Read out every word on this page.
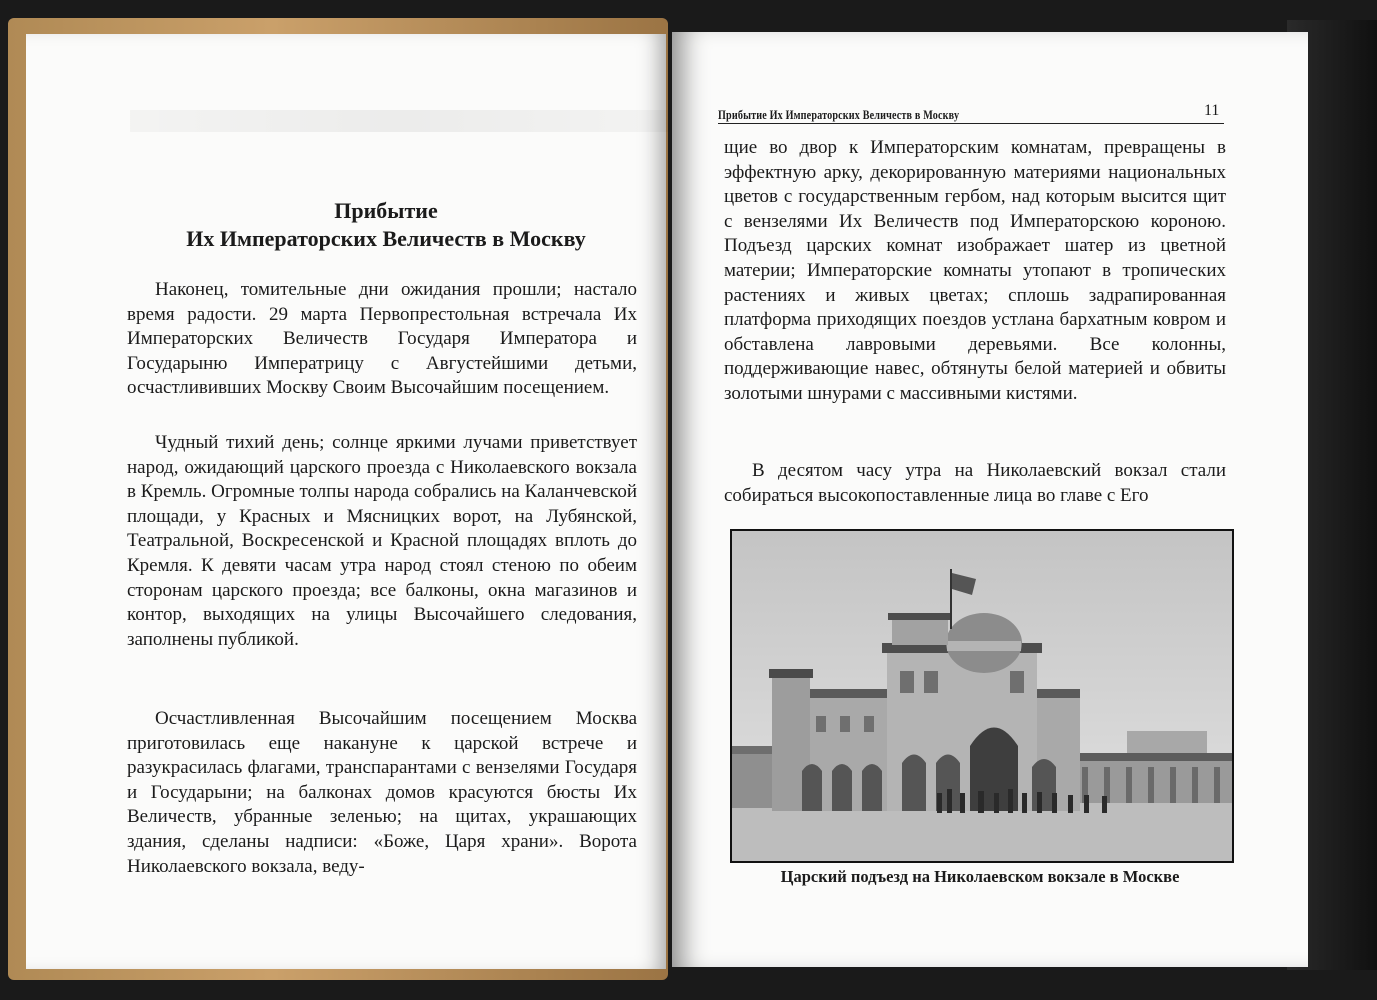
Прибытие
Их Императорских Величеств в Москву

Наконец, томительные дни ожидания прошли; настало время радости. 29 марта Первопрестольная встречала Их Императорских Величеств Государя Императора и Государыню Императрицу с Августейшими детьми, осчастлививших Москву Своим Высочайшим посещением.

Чудный тихий день; солнце яркими лучами приветствует народ, ожидающий царского проезда с Николаевского вокзала в Кремль. Огромные толпы народа собрались на Каланчевской площади, у Красных и Мясницких ворот, на Лубянской, Театральной, Воскресенской и Красной площадях вплоть до Кремля. К девяти часам утра народ стоял стеною по обеим сторонам царского проезда; все балконы, окна магазинов и контор, выходящих на улицы Высочайшего следования, заполнены публикой.

Осчастливленная Высочайшим посещением Москва приготовилась еще накануне к царской встрече и разукрасилась флагами, транспарантами с вензелями Государя и Государыни; на балконах домов красуются бюсты Их Величеств, убранные зеленью; на щитах, украшающих здания, сделаны надписи: «Боже, Царя храни». Ворота Николаевского вокзала, веду-

Прибытие Их Императорских Величеств в Москву	11

щие во двор к Императорским комнатам, превращены в эффектную арку, декорированную материями национальных цветов с государственным гербом, над которым высится щит с вензелями Их Величеств под Императорскою короною. Подъезд царских комнат изображает шатер из цветной материи; Императорские комнаты утопают в тропических растениях и живых цветах; сплошь задрапированная платформа приходящих поездов устлана бархатным ковром и обставлена лавровыми деревьями. Все колонны, поддерживающие навес, обтянуты белой материей и обвиты золотыми шнурами с массивными кистями.

В десятом часу утра на Николаевский вокзал стали собираться высокопоставленные лица во главе с Его

Царский подъезд на Николаевском вокзале в Москве
